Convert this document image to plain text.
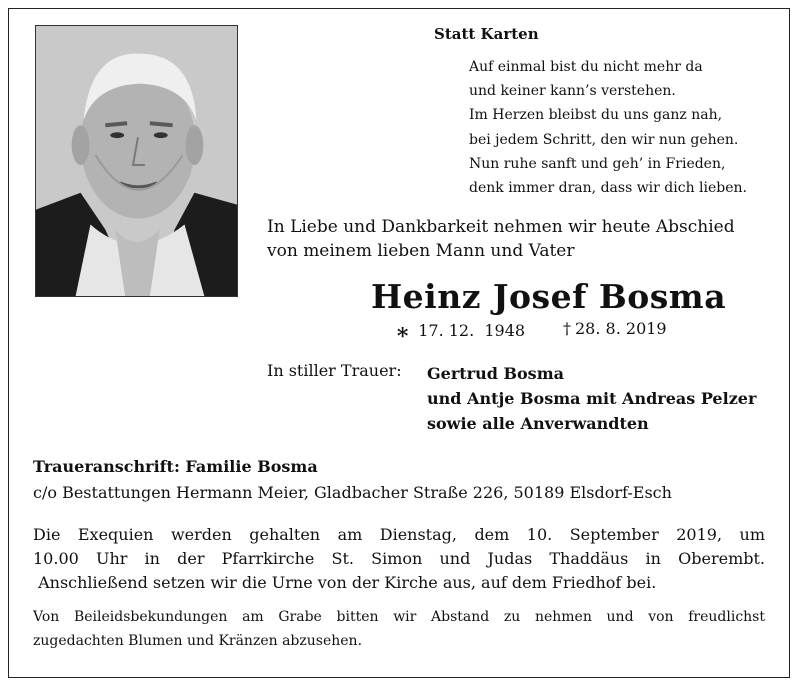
Statt Karten
Auf einmal bist du nicht mehr da
und keiner kann’s verstehen.
Im Herzen bleibst du uns ganz nah,
bei jedem Schritt, den wir nun gehen.
Nun ruhe sanft und geh’ in Frieden,
denk immer dran, dass wir dich lieben.
In Liebe und Dankbarkeit nehmen wir heute Abschied
von meinem lieben Mann und Vater
Heinz Josef Bosma
∗ 17. 12.  1948 † 28. 8. 2019
In stiller Trauer: Gertrud Bosma
und Antje Bosma mit Andreas Pelzer
sowie alle Anverwandten
Traueranschrift: Familie Bosma
c/o Bestattungen Hermann Meier, Gladbacher Straße 226, 50189 Elsdorf-Esch
Die Exequien werden gehalten am Dienstag, dem 10. September 2019, um
10.00 Uhr in der Pfarrkirche St. Simon und Judas Thaddäus in Oberembt.
Anschließend setzen wir die Urne von der Kirche aus, auf dem Friedhof bei.
Von Beileidsbekundungen am Grabe bitten wir Abstand zu nehmen und von freudlichst
zugedachten Blumen und Kränzen abzusehen.
